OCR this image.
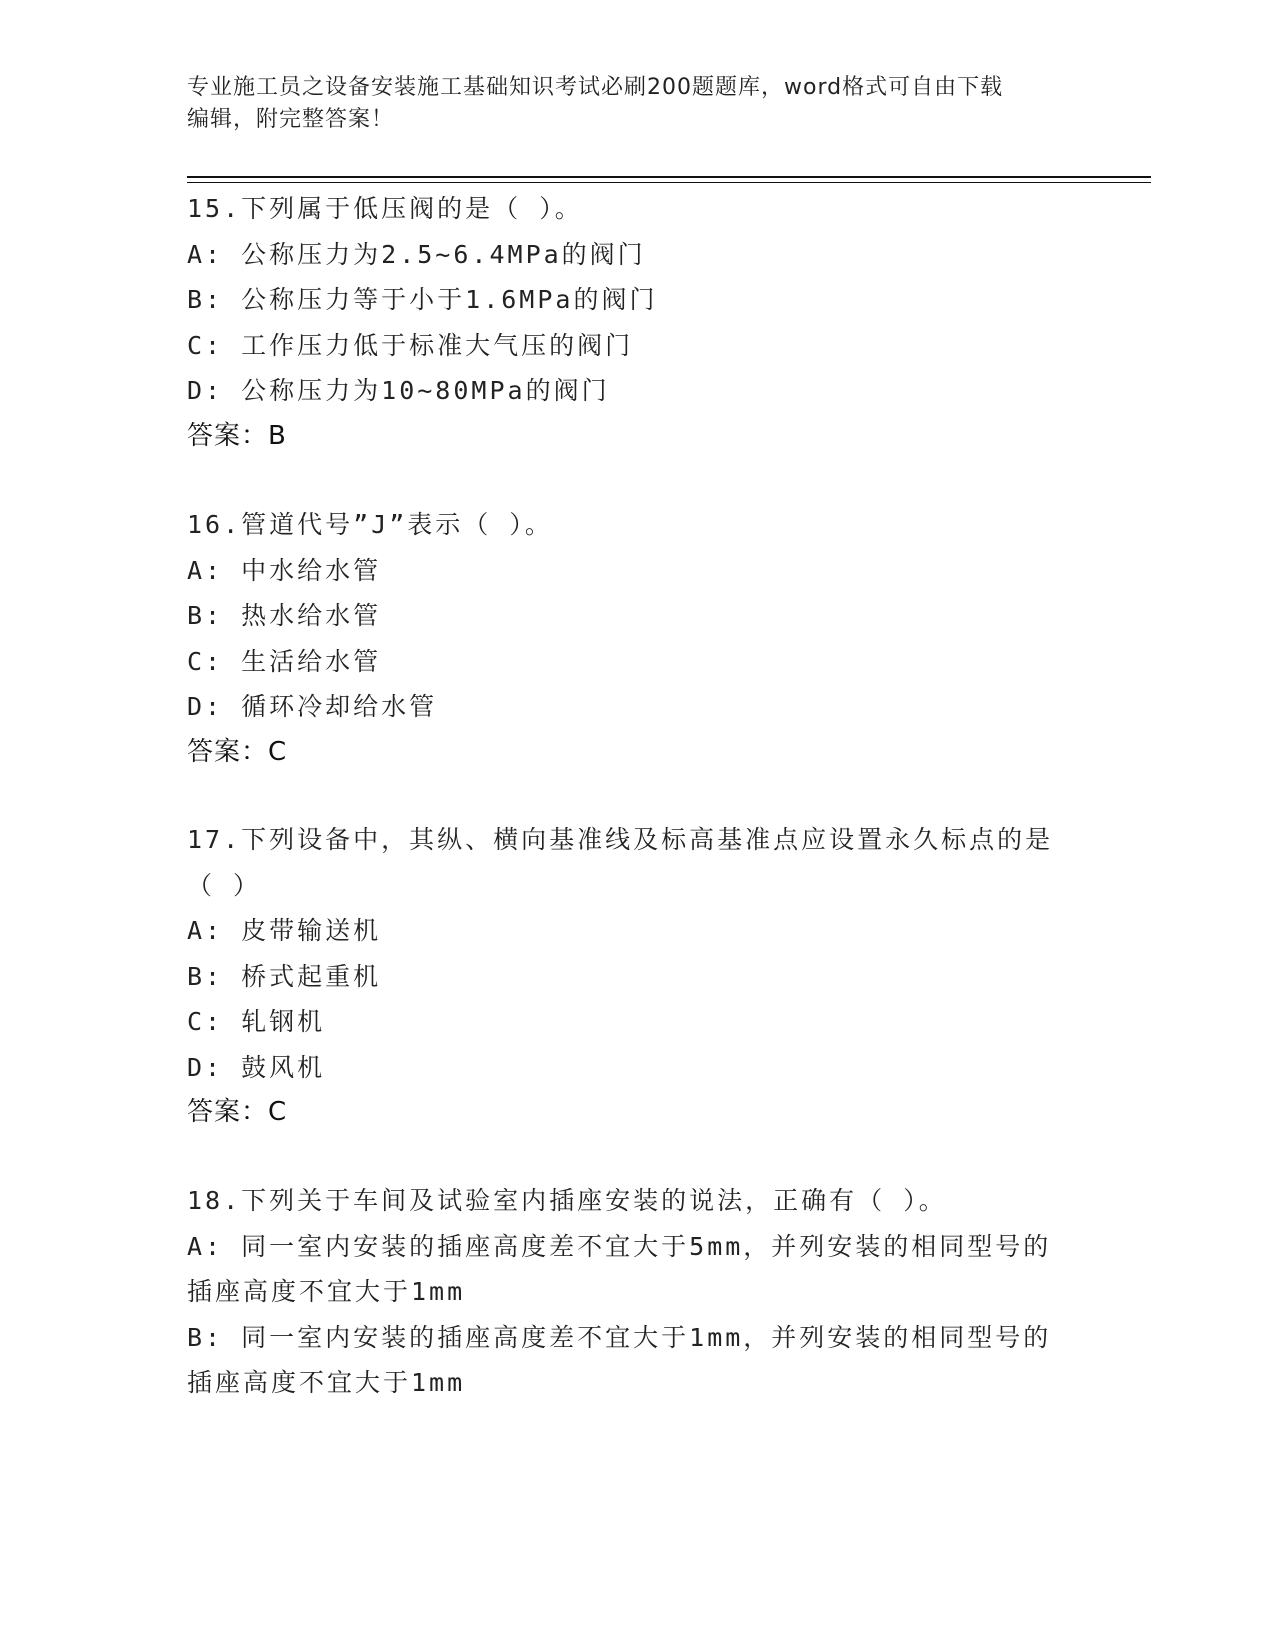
专业施工员之设备安装施工基础知识考试必刷200题题库，word格式可自由下载
编辑，附完整答案！
15.下列属于低压阀的是（ ）。
A: 公称压力为2.5~6.4MPa的阀门
B: 公称压力等于小于1.6MPa的阀门
C: 工作压力低于标准大气压的阀门
D: 公称压力为10~80MPa的阀门
答案：B
16.管道代号”J”表示（ ）。
A: 中水给水管
B: 热水给水管
C: 生活给水管
D: 循环冷却给水管
答案：C
17.下列设备中，其纵、横向基准线及标高基准点应设置永久标点的是
（ ）
A: 皮带输送机
B: 桥式起重机
C: 轧钢机
D: 鼓风机
答案：C
18.下列关于车间及试验室内插座安装的说法，正确有（ ）。
A: 同一室内安装的插座高度差不宜大于5mm，并列安装的相同型号的
插座高度不宜大于1mm
B: 同一室内安装的插座高度差不宜大于1mm，并列安装的相同型号的
插座高度不宜大于1mm
